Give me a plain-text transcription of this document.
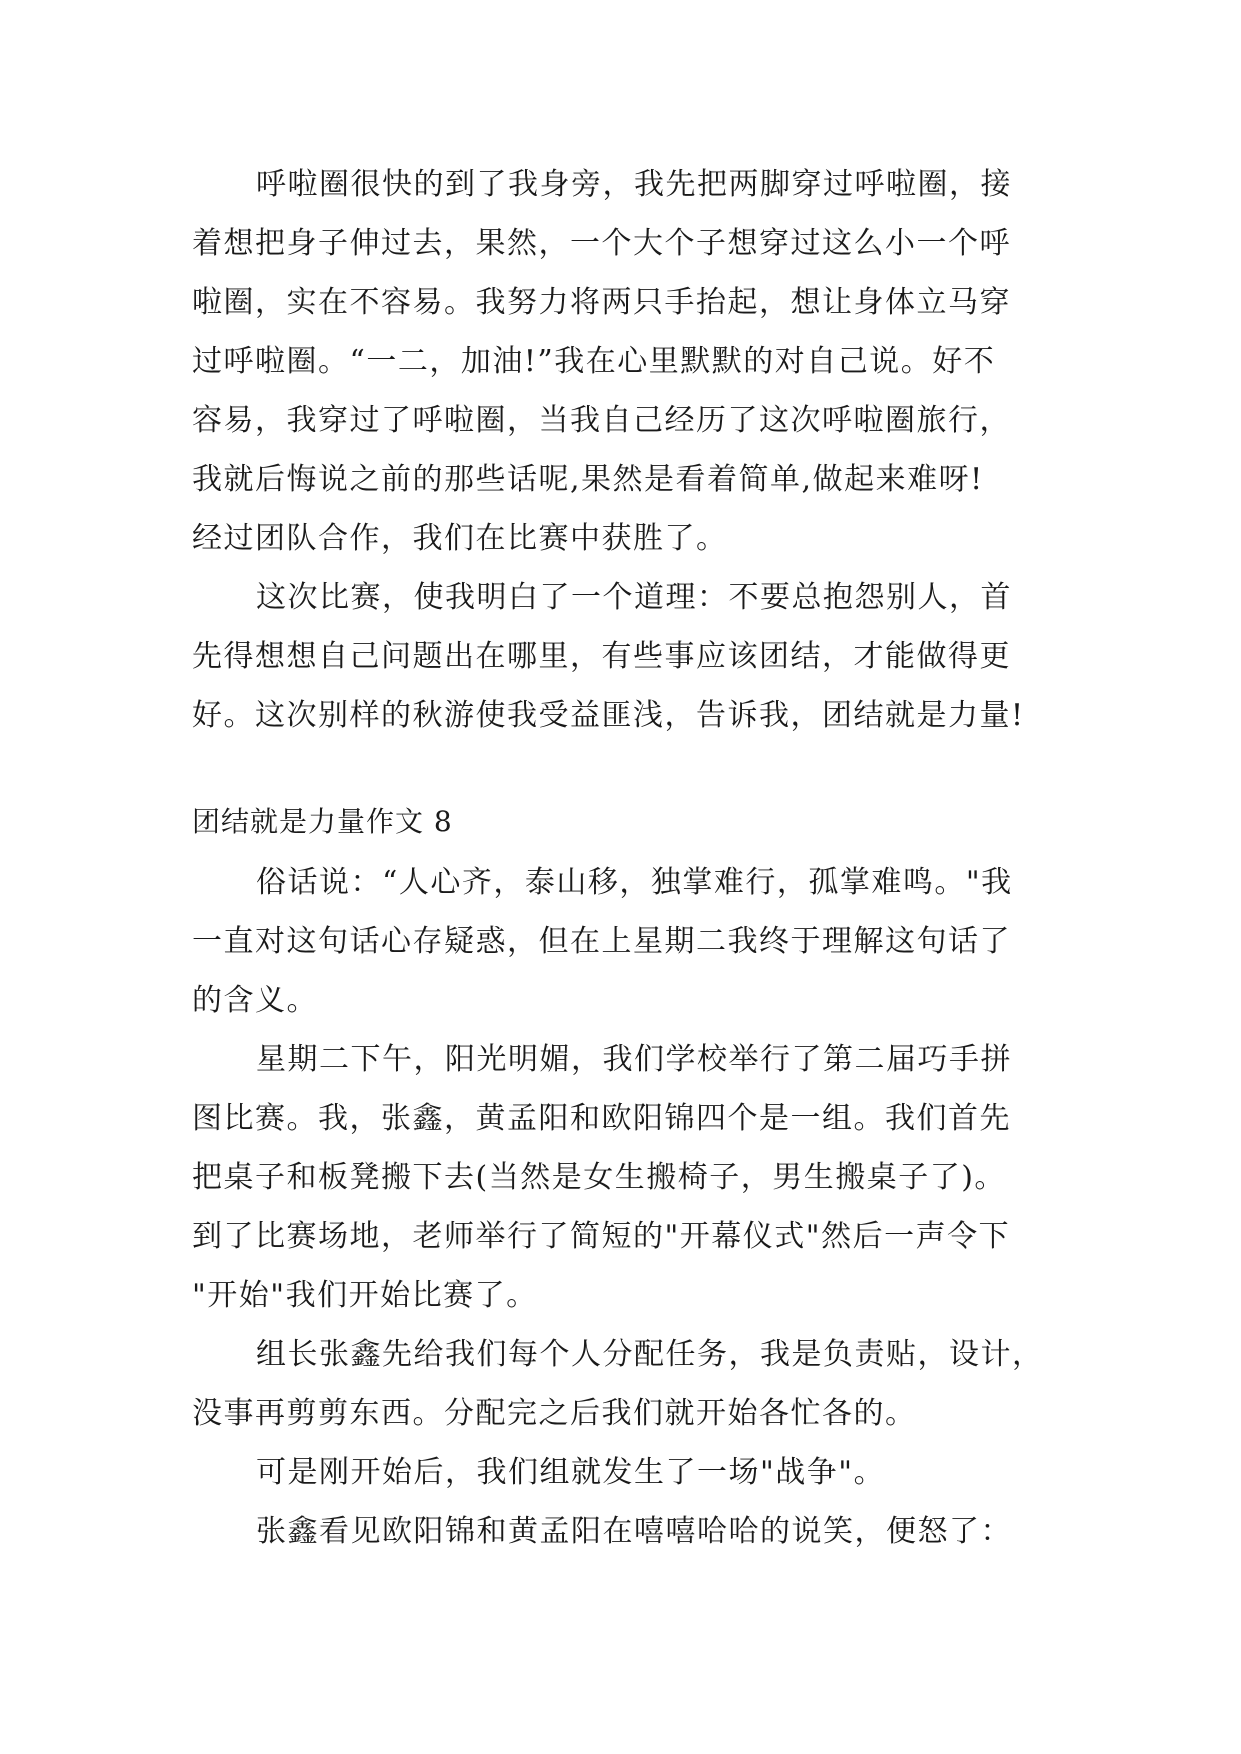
呼啦圈很快的到了我身旁，我先把两脚穿过呼啦圈，接
着想把身子伸过去，果然，一个大个子想穿过这么小一个呼
啦圈，实在不容易。我努力将两只手抬起，想让身体立马穿
过呼啦圈。“一二，加油!”我在心里默默的对自己说。好不
容易，我穿过了呼啦圈，当我自己经历了这次呼啦圈旅行，
我就后悔说之前的那些话呢,果然是看着简单,做起来难呀!
经过团队合作，我们在比赛中获胜了。
这次比赛，使我明白了一个道理：不要总抱怨别人，首
先得想想自己问题出在哪里，有些事应该团结，才能做得更
好。这次别样的秋游使我受益匪浅，告诉我，团结就是力量!
团结就是力量作文 8
俗话说：“人心齐，泰山移，独掌难行，孤掌难鸣。"我
一直对这句话心存疑惑，但在上星期二我终于理解这句话了
的含义。
星期二下午，阳光明媚，我们学校举行了第二届巧手拼
图比赛。我，张鑫，黄孟阳和欧阳锦四个是一组。我们首先
把桌子和板凳搬下去(当然是女生搬椅子，男生搬桌子了)。
到了比赛场地，老师举行了简短的"开幕仪式"然后一声令下
"开始"我们开始比赛了。
组长张鑫先给我们每个人分配任务，我是负责贴，设计，
没事再剪剪东西。分配完之后我们就开始各忙各的。
可是刚开始后，我们组就发生了一场"战争"。
张鑫看见欧阳锦和黄孟阳在嘻嘻哈哈的说笑，便怒了：
